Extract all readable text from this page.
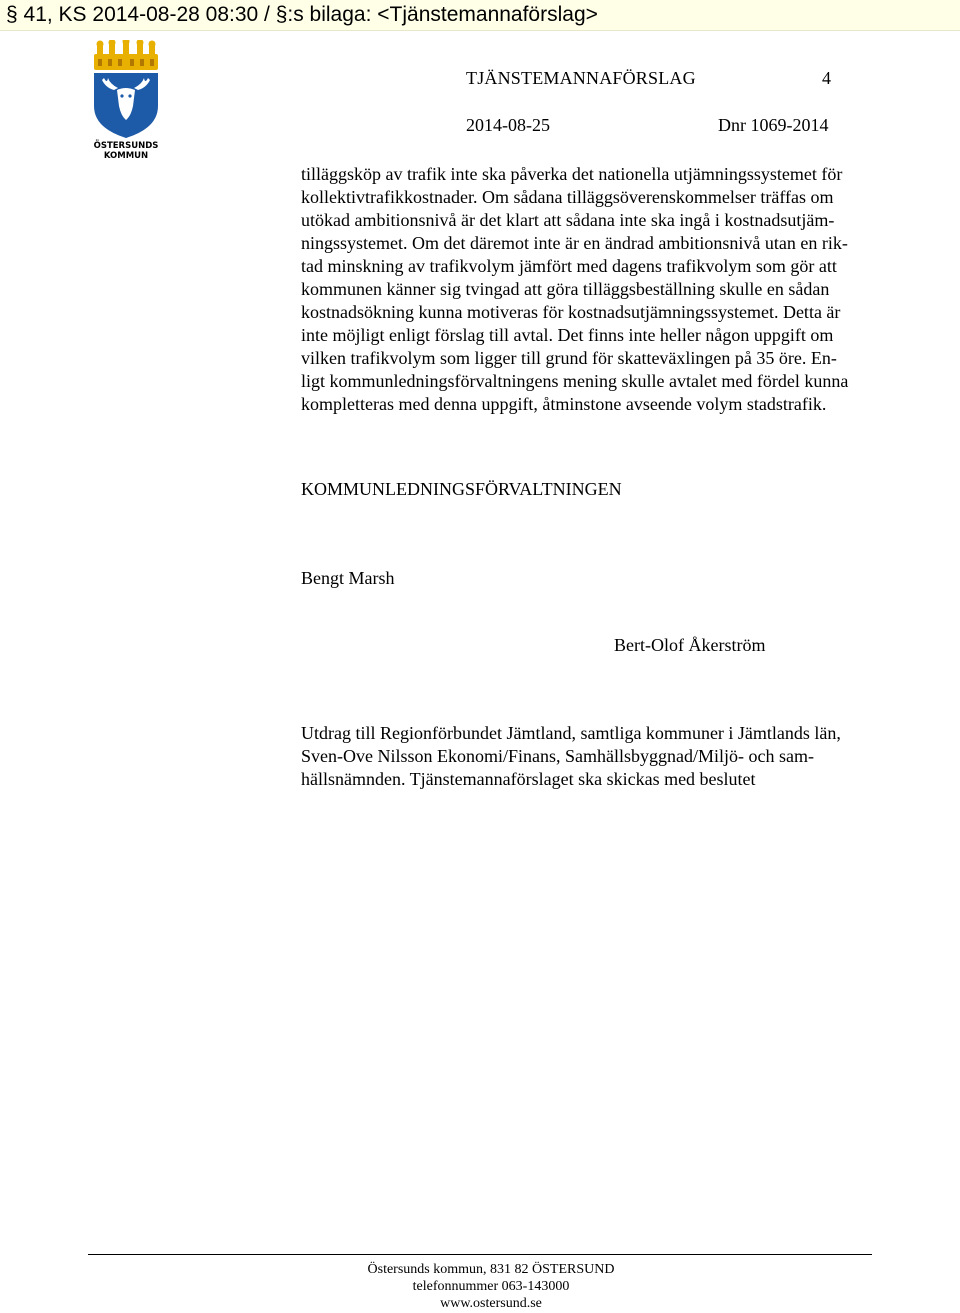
§ 41, KS 2014-08-28 08:30 / §:s bilaga: <Tjänstemannaförslag>
ÖSTERSUNDS
KOMMUN
TJÄNSTEMANNAFÖRSLAG	4
2014-08-25	Dnr 1069-2014
tilläggsköp av trafik inte ska påverka det nationella utjämningssystemet för
kollektivtrafikkostnader. Om sådana tilläggsöverenskommelser träffas om
utökad ambitionsnivå är det klart att sådana inte ska ingå i kostnadsutjäm-
ningssystemet. Om det däremot inte är en ändrad ambitionsnivå utan en rik-
tad minskning av trafikvolym jämfört med dagens trafikvolym som gör att
kommunen känner sig tvingad att göra tilläggsbeställning skulle en sådan
kostnadsökning kunna motiveras för kostnadsutjämningssystemet. Detta är
inte möjligt enligt förslag till avtal. Det finns inte heller någon uppgift om
vilken trafikvolym som ligger till grund för skatteväxlingen på 35 öre. En-
ligt kommunledningsförvaltningens mening skulle avtalet med fördel kunna
kompletteras med denna uppgift, åtminstone avseende volym stadstrafik.
KOMMUNLEDNINGSFÖRVALTNINGEN
Bengt Marsh
Bert-Olof Åkerström
Utdrag till Regionförbundet Jämtland, samtliga kommuner i Jämtlands län,
Sven-Ove Nilsson Ekonomi/Finans, Samhällsbyggnad/Miljö- och sam-
hällsnämnden. Tjänstemannaförslaget ska skickas med beslutet
Östersunds kommun, 831 82 ÖSTERSUND
telefonnummer 063-143000
www.ostersund.se
